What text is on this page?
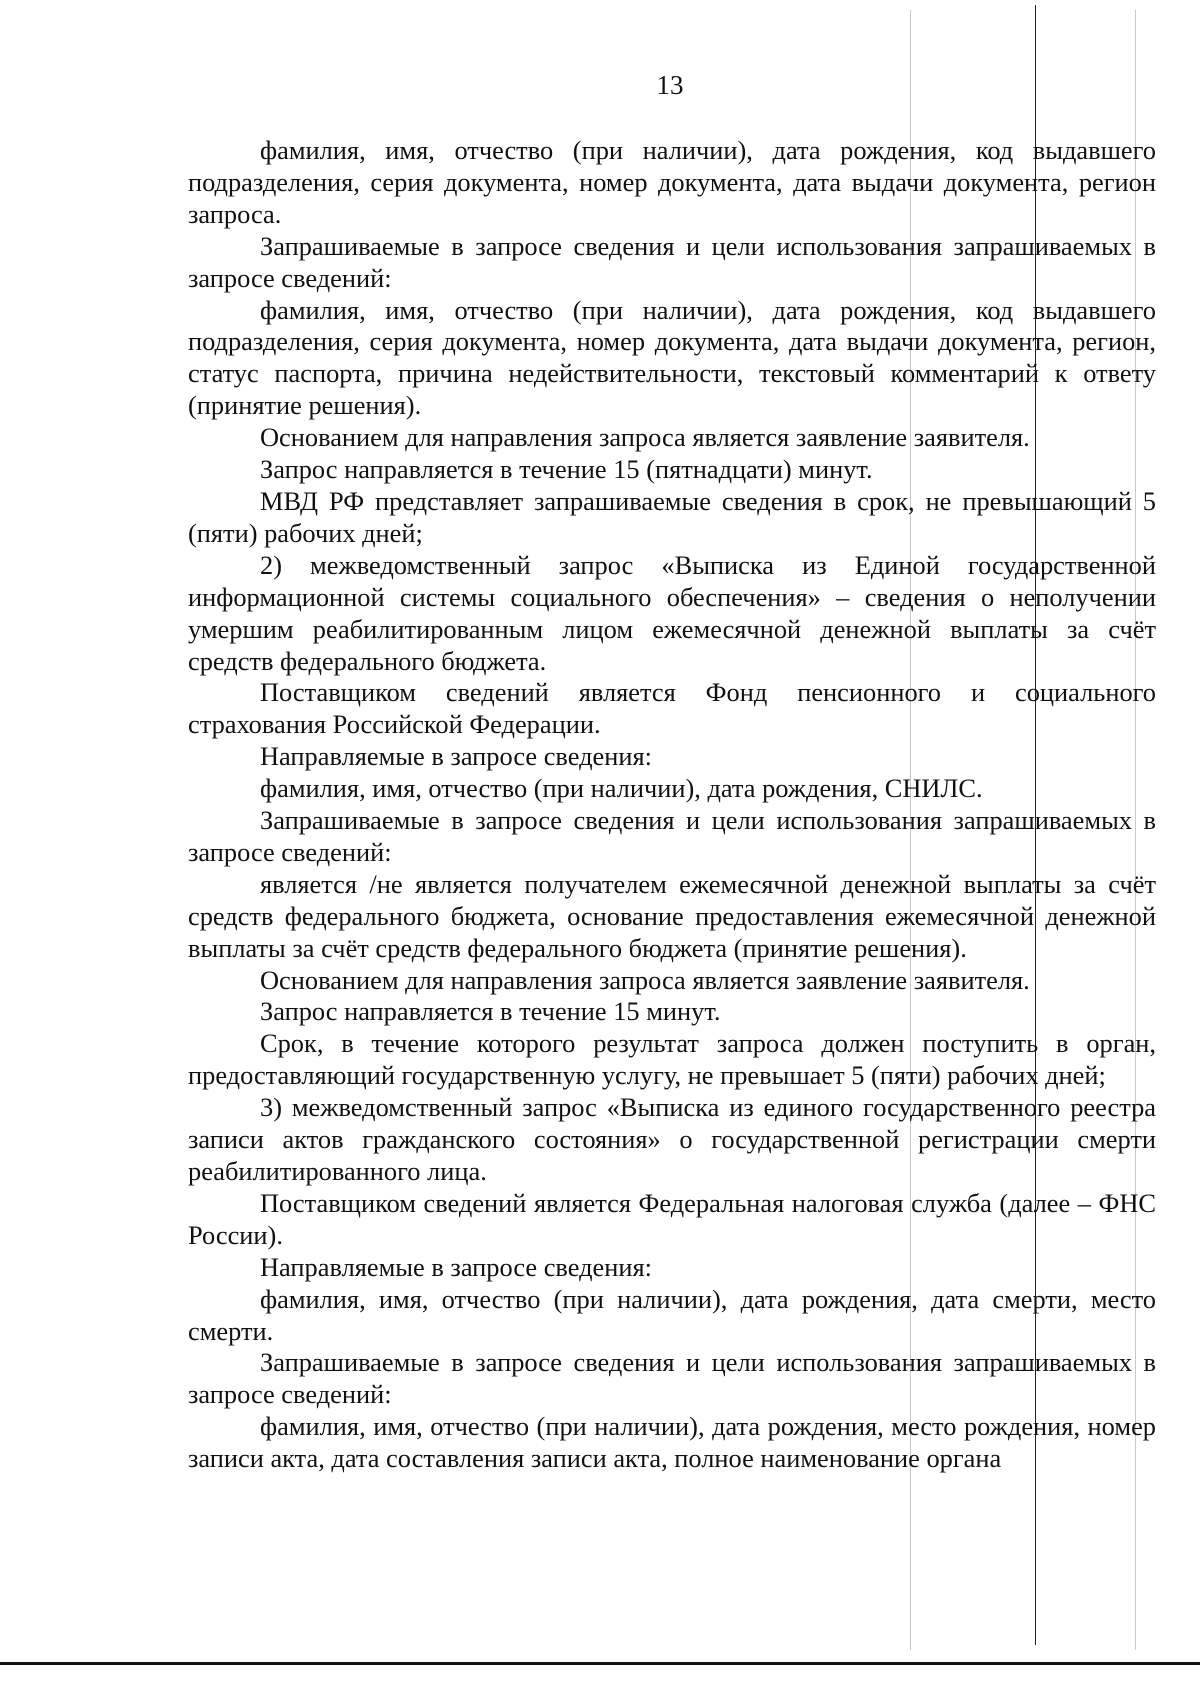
13

фамилия, имя, отчество (при наличии), дата рождения, код выдавшего подразделения, серия документа, номер документа, дата выдачи документа, регион запроса.

Запрашиваемые в запросе сведения и цели использования запрашиваемых в запросе сведений:

фамилия, имя, отчество (при наличии), дата рождения, код выдавшего подразделения, серия документа, номер документа, дата выдачи документа, регион, статус паспорта, причина недействительности, текстовый комментарий к ответу (принятие решения).

Основанием для направления запроса является заявление заявителя.

Запрос направляется в течение 15 (пятнадцати) минут.

МВД РФ представляет запрашиваемые сведения в срок, не превышающий 5 (пяти) рабочих дней;

2) межведомственный запрос «Выписка из Единой государственной информационной системы социального обеспечения» – сведения о неполучении умершим реабилитированным лицом ежемесячной денежной выплаты за счёт средств федерального бюджета.

Поставщиком сведений является Фонд пенсионного и социального страхования Российской Федерации.

Направляемые в запросе сведения:

фамилия, имя, отчество (при наличии), дата рождения, СНИЛС.

Запрашиваемые в запросе сведения и цели использования запрашиваемых в запросе сведений:

является /не является получателем ежемесячной денежной выплаты за счёт средств федерального бюджета, основание предоставления ежемесячной денежной выплаты за счёт средств федерального бюджета (принятие решения).

Основанием для направления запроса является заявление заявителя.

Запрос направляется в течение 15 минут.

Срок, в течение которого результат запроса должен поступить в орган, предоставляющий государственную услугу, не превышает 5 (пяти) рабочих дней;

3) межведомственный запрос «Выписка из единого государственного реестра записи актов гражданского состояния» о государственной регистрации смерти реабилитированного лица.

Поставщиком сведений является Федеральная налоговая служба (далее – ФНС России).

Направляемые в запросе сведения:

фамилия, имя, отчество (при наличии), дата рождения, дата смерти, место смерти.

Запрашиваемые в запросе сведения и цели использования запрашиваемых в запросе сведений:

фамилия, имя, отчество (при наличии), дата рождения, место рождения, номер записи акта, дата составления записи акта, полное наименование органа
